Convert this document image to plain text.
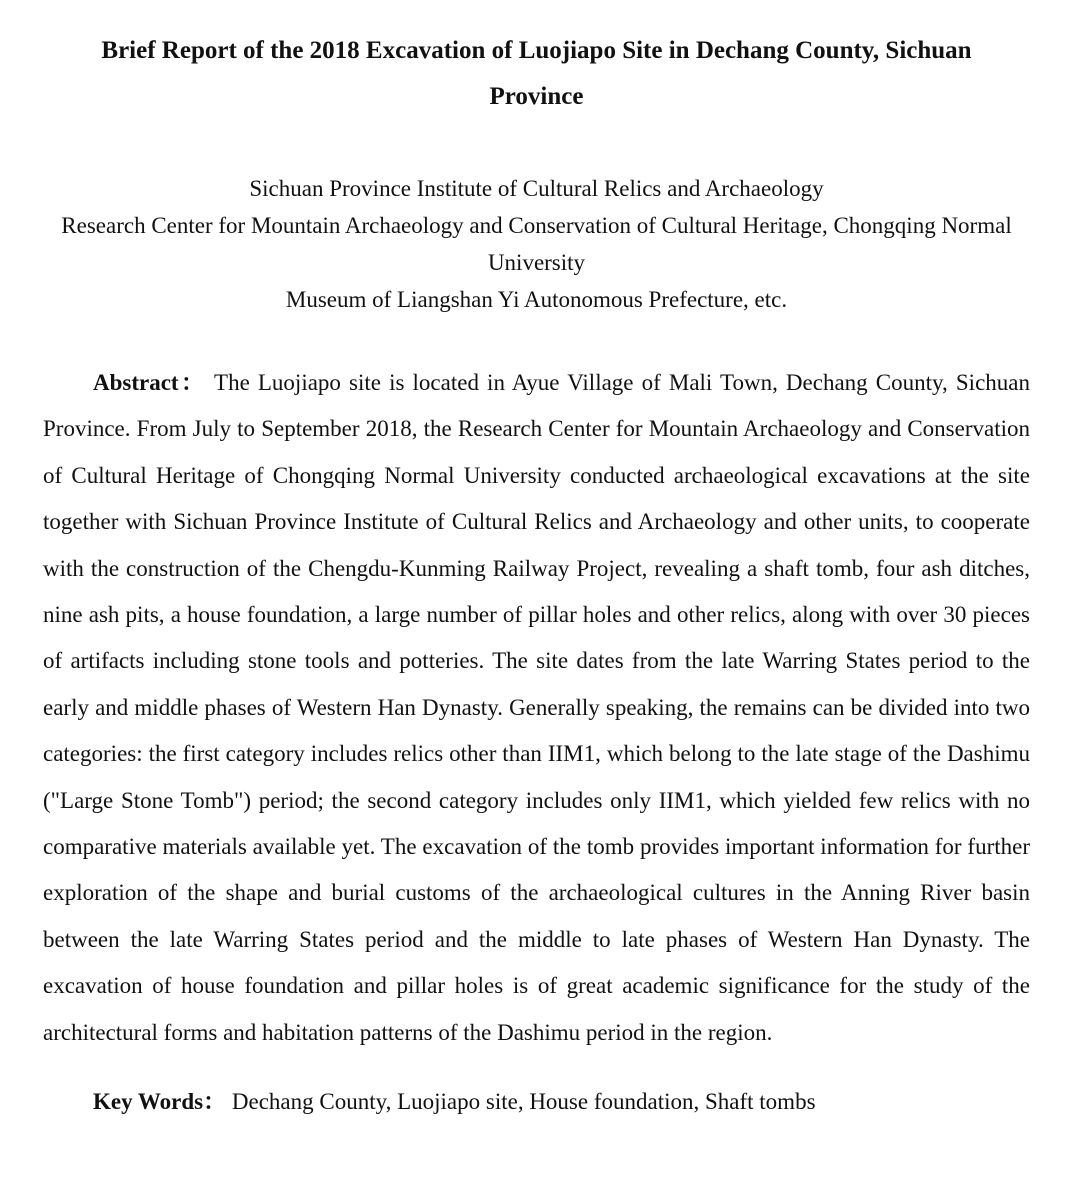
Brief Report of the 2018 Excavation of Luojiapo Site in Dechang County, Sichuan Province
Sichuan Province Institute of Cultural Relics and Archaeology
Research Center for Mountain Archaeology and Conservation of Cultural Heritage, Chongqing Normal University
Museum of Liangshan Yi Autonomous Prefecture, etc.

Abstract： The Luojiapo site is located in Ayue Village of Mali Town, Dechang County, Sichuan Province. From July to September 2018, the Research Center for Mountain Archaeology and Conservation of Cultural Heritage of Chongqing Normal University conducted archaeological excavations at the site together with Sichuan Province Institute of Cultural Relics and Archaeology and other units, to cooperate with the construction of the Chengdu-Kunming Railway Project, revealing a shaft tomb, four ash ditches, nine ash pits, a house foundation, a large number of pillar holes and other relics, along with over 30 pieces of artifacts including stone tools and potteries. The site dates from the late Warring States period to the early and middle phases of Western Han Dynasty. Generally speaking, the remains can be divided into two categories: the first category includes relics other than IIM1, which belong to the late stage of the Dashimu ("Large Stone Tomb") period; the second category includes only IIM1, which yielded few relics with no comparative materials available yet. The excavation of the tomb provides important information for further exploration of the shape and burial customs of the archaeological cultures in the Anning River basin between the late Warring States period and the middle to late phases of Western Han Dynasty. The excavation of house foundation and pillar holes is of great academic significance for the study of the architectural forms and habitation patterns of the Dashimu period in the region.

Key Words： Dechang County, Luojiapo site, House foundation, Shaft tombs
